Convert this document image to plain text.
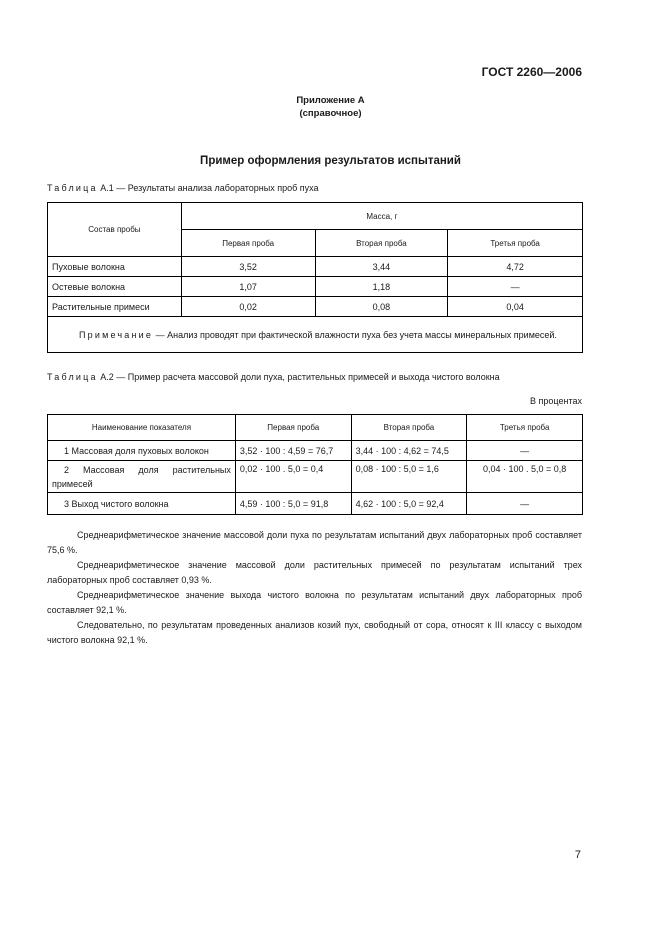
ГОСТ 2260—2006
Приложение А
(справочное)
Пример оформления результатов испытаний
Таблица А.1 — Результаты анализа лабораторных проб пуха
Состав пробы	Масса, г		
	Первая проба	Вторая проба	Третья проба
Пуховые волокна	3,52	3,44	4,72
Остевые волокна	1,07	1,18	—
Растительные примеси	0,02	0,08	0,04
Примечание — Анализ проводят при фактической влажности пуха без учета массы минеральных примесей.			
Таблица А.2 — Пример расчета массовой доли пуха, растительных примесей и выхода чистого волокна
В процентах
Наименование показателя	Первая проба	Вторая проба	Третья проба
1 Массовая доля пуховых волокон	3,52 · 100 : 4,59 = 76,7	3,44 · 100 : 4,62 = 74,5	—

2  Массовая  доля  растительных
примесей	0,02 · 100 . 5,0 = 0,4	0,08 · 100 : 5,0 = 1,6	0,04 · 100 . 5,0 = 0,8
3 Выход чистого волокна	4,59 · 100 : 5,0 = 91,8	4,62 · 100 : 5,0 = 92,4	—
Среднеарифметическое значение массовой доли пуха по результатам испытаний двух лабораторных проб составляет 75,6 %.
Среднеарифметическое значение массовой доли растительных примесей по результатам испытаний трех лабораторных проб составляет 0,93 %.
Среднеарифметическое значение выхода чистого волокна по результатам испытаний двух лабораторных проб составляет 92,1 %.
Следовательно, по результатам проведенных анализов козий пух, свободный от сора, относят к III классу с выходом чистого волокна 92,1 %.
7
